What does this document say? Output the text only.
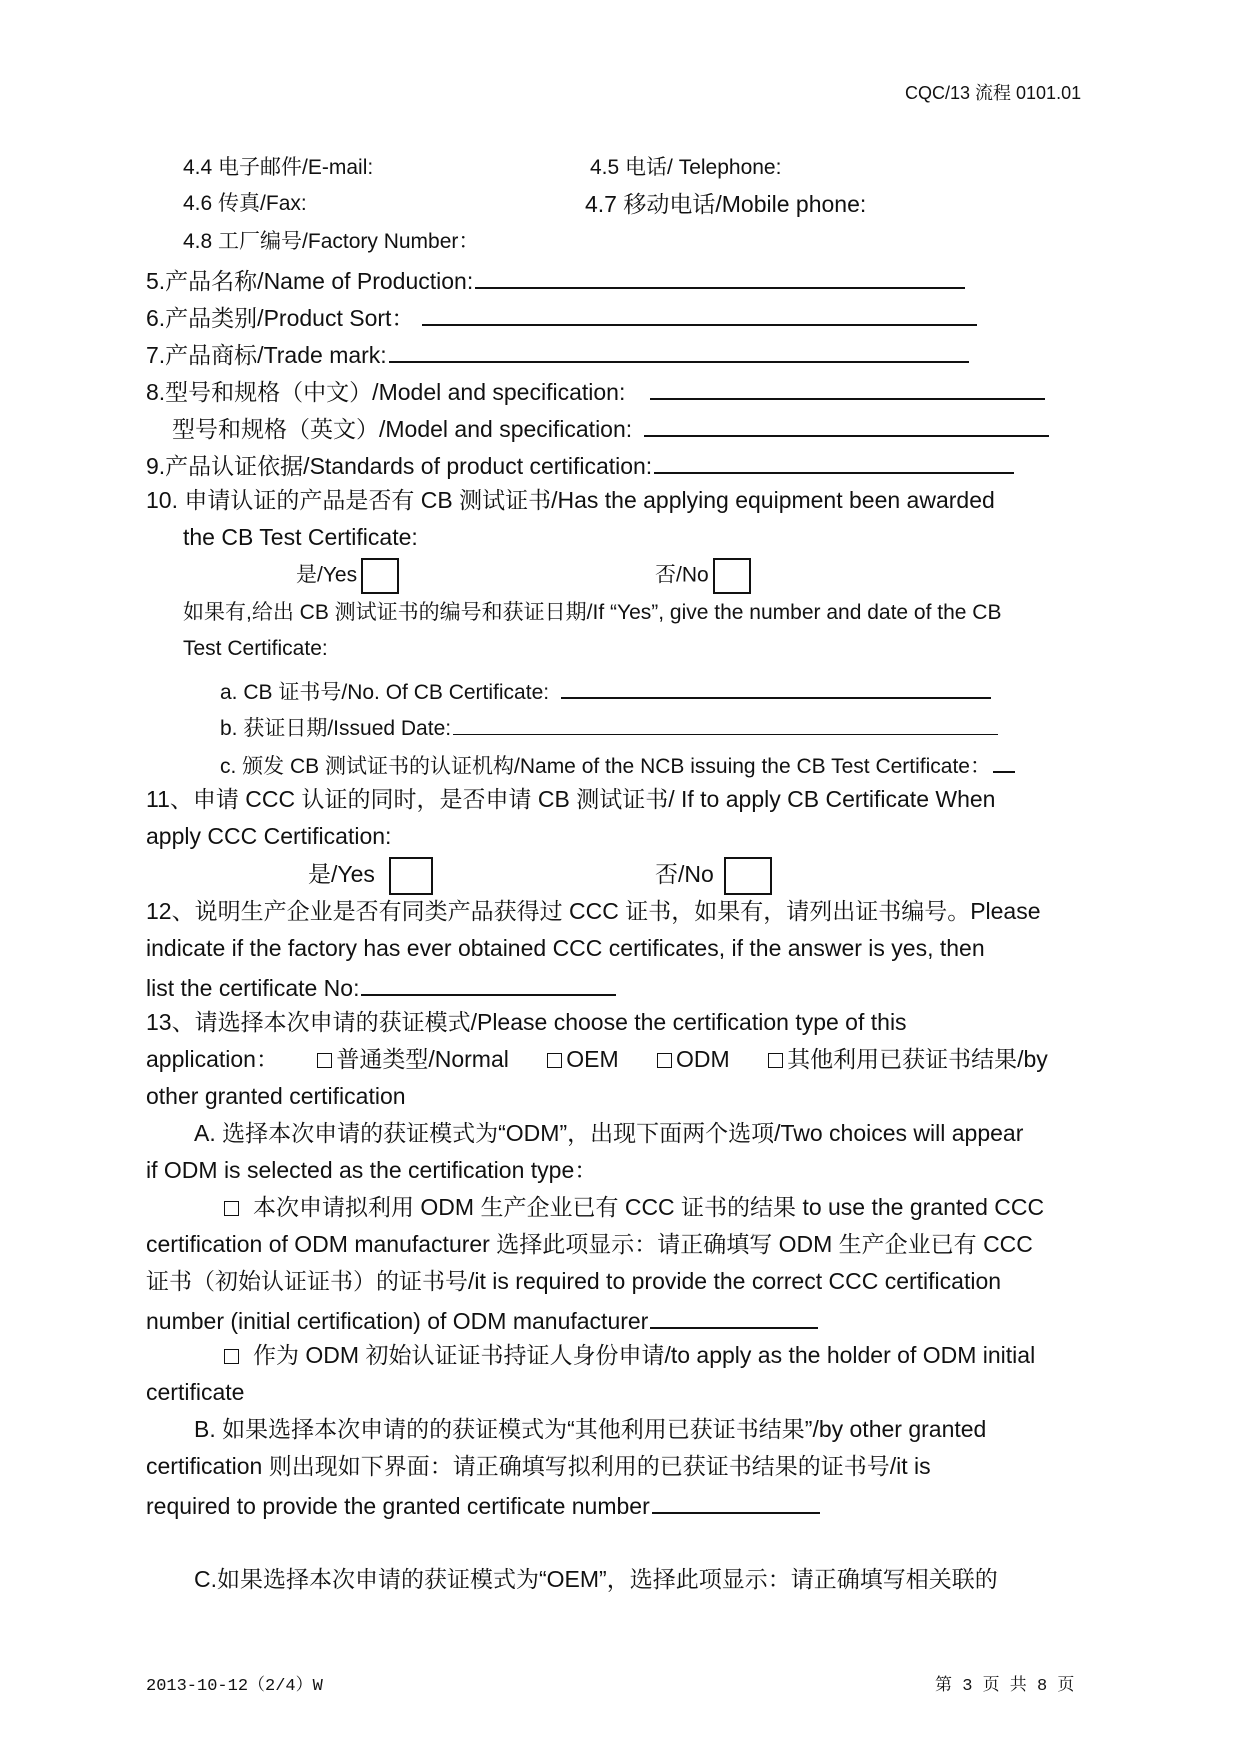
CQC/13 流程 0101.01
4.4 电子邮件/E-mail:	4.5 电话/ Telephone:
4.6 传真/Fax:	4.7 移动电话/Mobile phone:
4.8 工厂编号/Factory Number：
5.产品名称/Name of Production:
6.产品类别/Product Sort：
7.产品商标/Trade mark:
8.型号和规格（中文）/Model and specification:
型号和规格（英文）/Model and specification:
9.产品认证依据/Standards of product certification:
10. 申请认证的产品是否有 CB 测试证书/Has the applying equipment been awarded
the CB Test Certificate:
是/Yes	否/No
如果有,给出 CB 测试证书的编号和获证日期/If “Yes”, give the number and date of the CB
Test Certificate:
a. CB 证书号/No. Of CB Certificate:
b. 获证日期/Issued Date:
c. 颁发 CB 测试证书的认证机构/Name of the NCB issuing the CB Test Certificate：
11、申请 CCC 认证的同时，是否申请 CB 测试证书/ If to apply CB Certificate When
apply CCC Certification:
是/Yes	否/No
12、说明生产企业是否有同类产品获得过 CCC 证书，如果有，请列出证书编号。Please
indicate if the factory has ever obtained CCC certificates, if the answer is yes, then
list the certificate No:
13、请选择本次申请的获证模式/Please choose the certification type of this
application： 普通类型/Normal OEM ODM 其他利用已获证书结果/by
other granted certification
A. 选择本次申请的获证模式为“ODM”，出现下面两个选项/Two choices will appear
if ODM is selected as the certification type：
本次申请拟利用 ODM 生产企业已有 CCC 证书的结果 to use the granted CCC
certification of ODM manufacturer 选择此项显示：请正确填写 ODM 生产企业已有 CCC
证书（初始认证证书）的证书号/it is required to provide the correct CCC certification
number (initial certification) of ODM manufacturer
作为 ODM 初始认证证书持证人身份申请/to apply as the holder of ODM initial
certificate
B. 如果选择本次申请的的获证模式为“其他利用已获证书结果”/by other granted
certification 则出现如下界面：请正确填写拟利用的已获证书结果的证书号/it is
required to provide the granted certificate number
C.如果选择本次申请的获证模式为“OEM”，选择此项显示：请正确填写相关联的
2013-10-12（2/4）W	第 3 页 共 8 页
